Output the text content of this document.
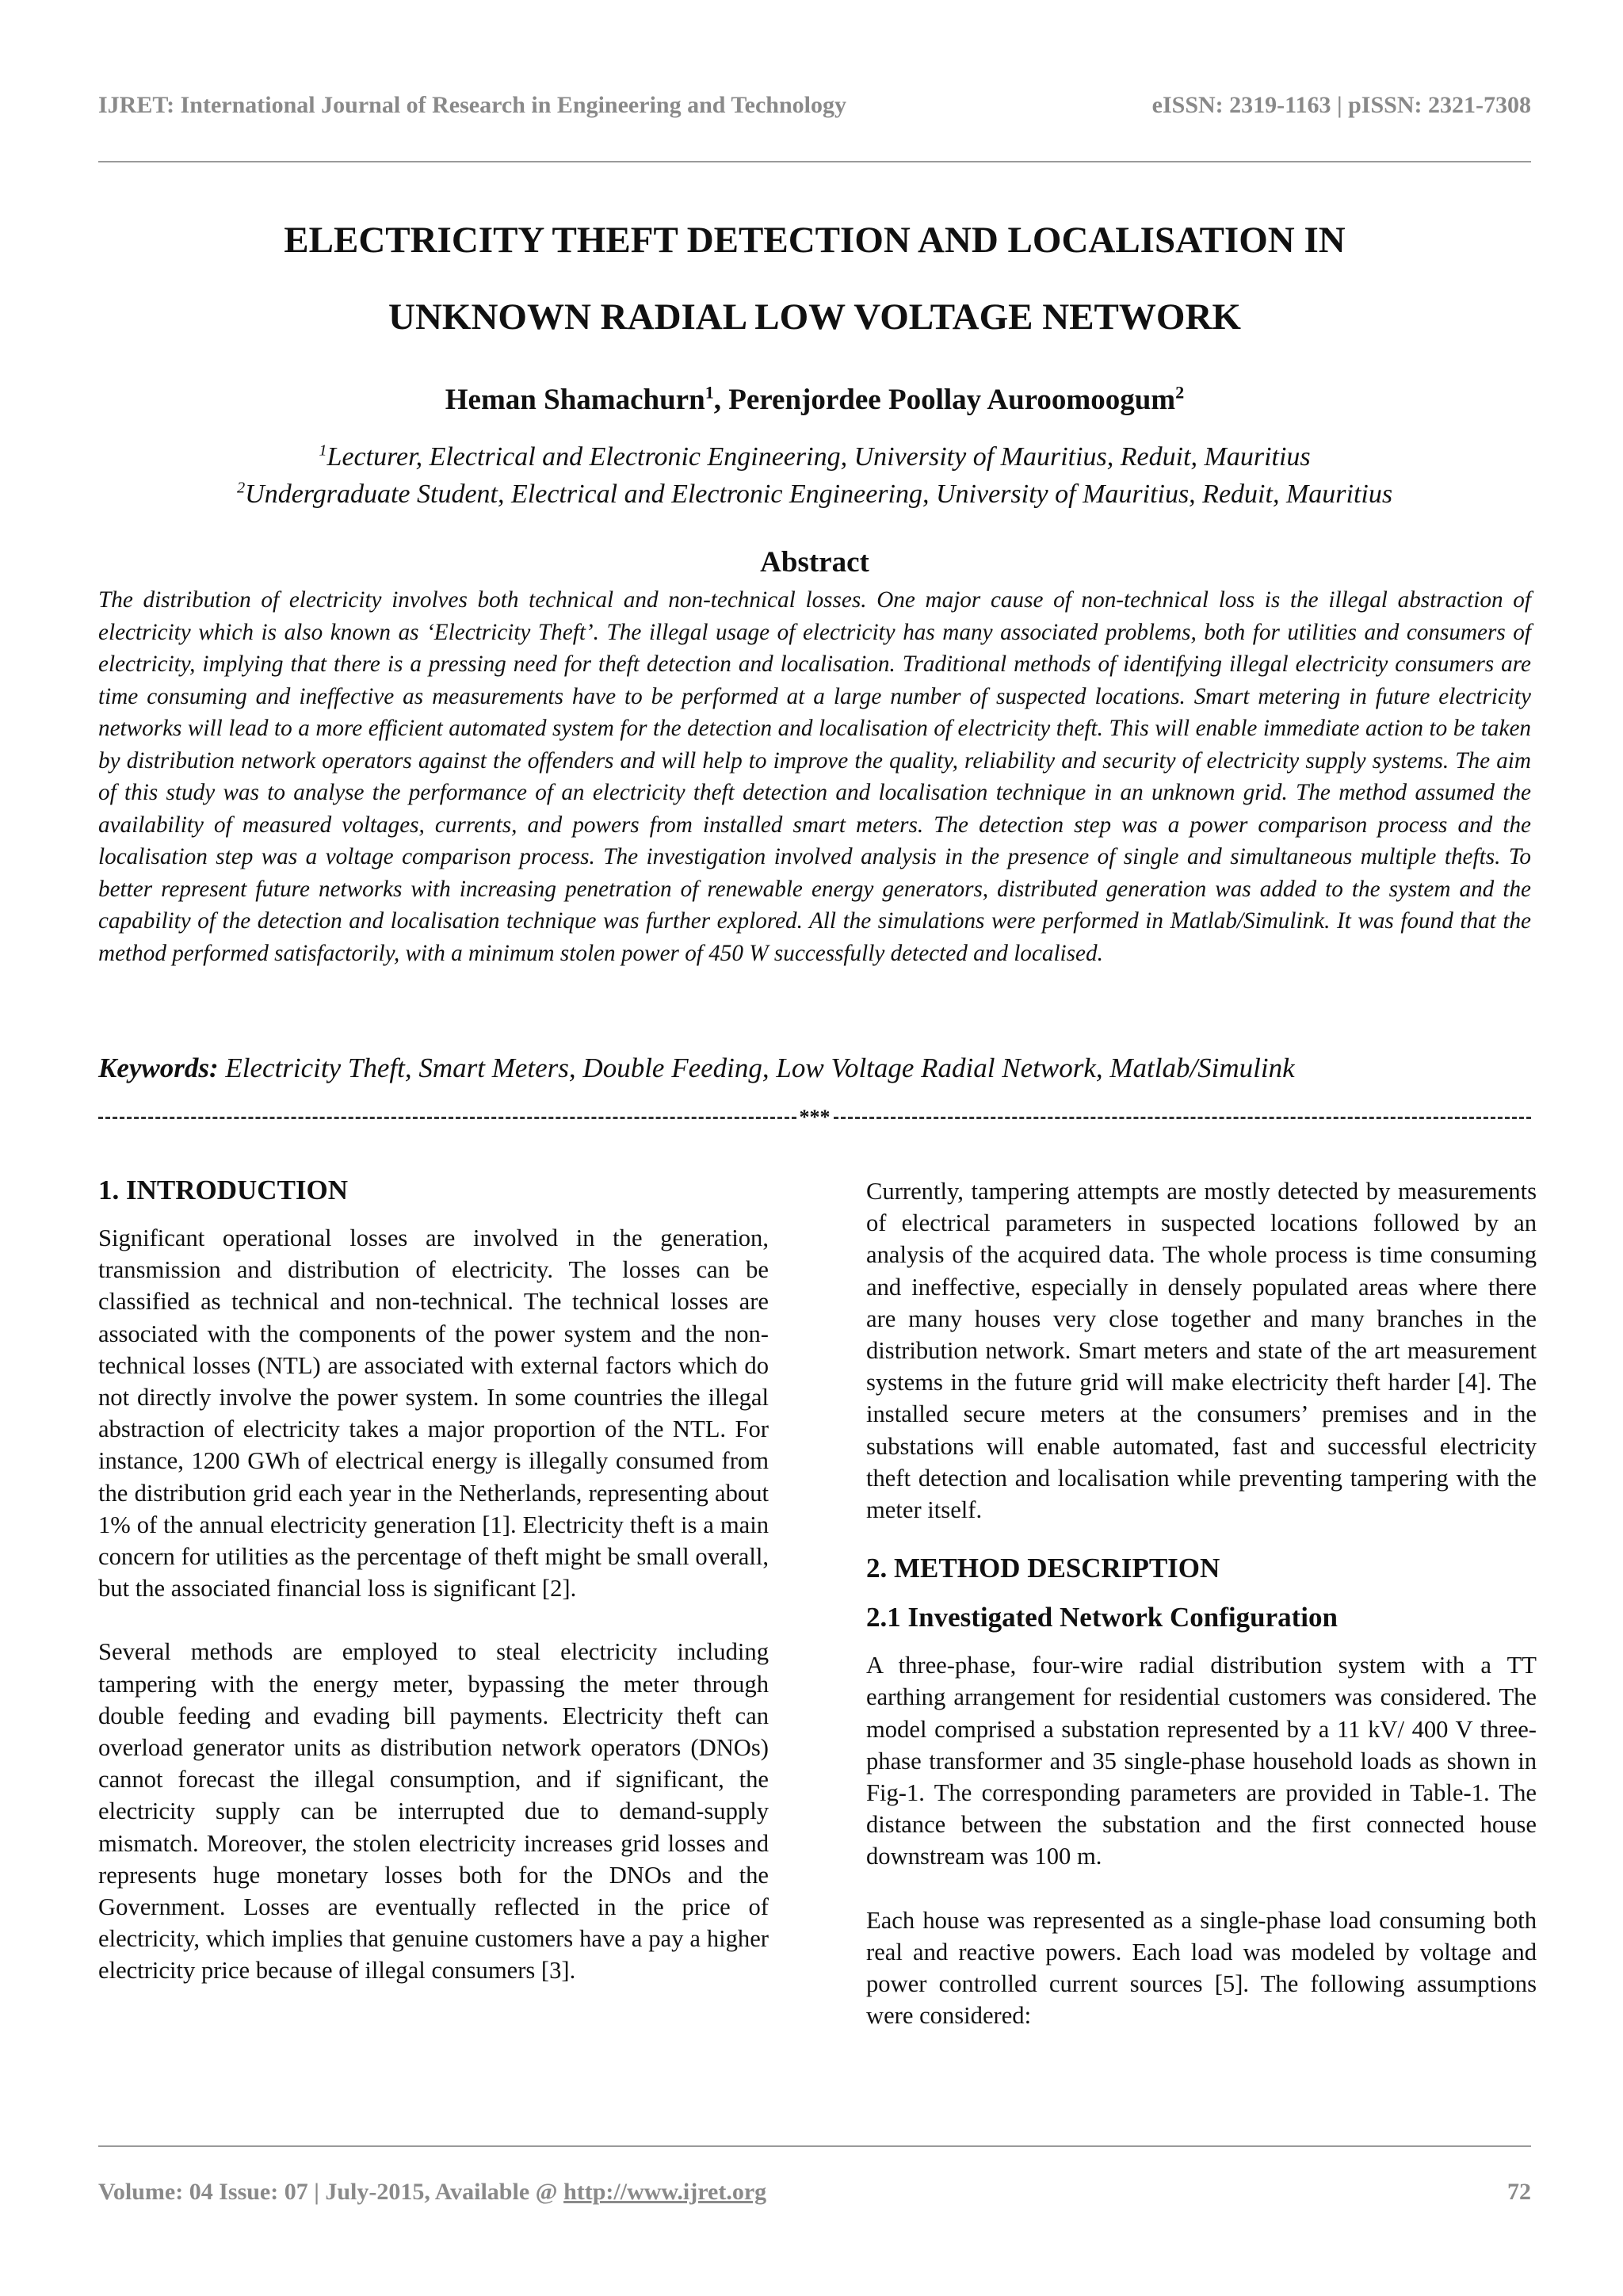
IJRET: International Journal of Research in Engineering and Technology	eISSN: 2319-1163 | pISSN: 2321-7308
ELECTRICITY THEFT DETECTION AND LOCALISATION IN
UNKNOWN RADIAL LOW VOLTAGE NETWORK
Heman Shamachurn$^1$, Perenjordee Poollay Auroomoogum$^2$
$^1$Lecturer, Electrical and Electronic Engineering, University of Mauritius, Reduit, Mauritius
$^2$Undergraduate Student, Electrical and Electronic Engineering, University of Mauritius, Reduit, Mauritius
Abstract
The distribution of electricity involves both technical and non-technical losses. One major cause of non-technical loss is the illegal abstraction of electricity which is also known as ‘Electricity Theft’. The illegal usage of electricity has many associated problems, both for utilities and consumers of electricity, implying that there is a pressing need for theft detection and localisation. Traditional methods of identifying illegal electricity consumers are time consuming and ineffective as measurements have to be performed at a large number of suspected locations. Smart metering in future electricity networks will lead to a more efficient automated system for the detection and localisation of electricity theft. This will enable immediate action to be taken by distribution network operators against the offenders and will help to improve the quality, reliability and security of electricity supply systems. The aim of this study was to analyse the performance of an electricity theft detection and localisation technique in an unknown grid. The method assumed the availability of measured voltages, currents, and powers from installed smart meters. The detection step was a power comparison process and the localisation step was a voltage comparison process. The investigation involved analysis in the presence of single and simultaneous multiple thefts. To better represent future networks with increasing penetration of renewable energy generators, distributed generation was added to the system and the capability of the detection and localisation technique was further explored. All the simulations were performed in Matlab/Simulink. It was found that the method performed satisfactorily, with a minimum stolen power of 450 W successfully detected and localised.
Keywords: Electricity Theft, Smart Meters, Double Feeding, Low Voltage Radial Network, Matlab/Simulink
***
1. INTRODUCTION

Significant operational losses are involved in the generation, transmission and distribution of electricity. The losses can be classified as technical and non-technical. The technical losses are associated with the components of the power system and the non-technical losses (NTL) are associated with external factors which do not directly involve the power system. In some countries the illegal abstraction of electricity takes a major proportion of the NTL. For instance, 1200 GWh of electrical energy is illegally consumed from the distribution grid each year in the Netherlands, representing about 1% of the annual electricity generation [1]. Electricity theft is a main concern for utilities as the percentage of theft might be small overall, but the associated financial loss is significant [2].

Several methods are employed to steal electricity including tampering with the energy meter, bypassing the meter through double feeding and evading bill payments. Electricity theft can overload generator units as distribution network operators (DNOs) cannot forecast the illegal consumption, and if significant, the electricity supply can be interrupted due to demand-supply mismatch. Moreover, the stolen electricity increases grid losses and represents huge monetary losses both for the DNOs and the Government. Losses are eventually reflected in the price of electricity, which implies that genuine customers have a pay a higher electricity price because of illegal consumers [3].

Currently, tampering attempts are mostly detected by measurements of electrical parameters in suspected locations followed by an analysis of the acquired data. The whole process is time consuming and ineffective, especially in densely populated areas where there are many houses very close together and many branches in the distribution network. Smart meters and state of the art measurement systems in the future grid will make electricity theft harder [4]. The installed secure meters at the consumers’ premises and in the substations will enable automated, fast and successful electricity theft detection and localisation while preventing tampering with the meter itself.

2. METHOD DESCRIPTION
2.1 Investigated Network Configuration

A three-phase, four-wire radial distribution system with a TT earthing arrangement for residential customers was considered. The model comprised a substation represented by a 11 kV/ 400 V three-phase transformer and 35 single-phase household loads as shown in Fig-1. The corresponding parameters are provided in Table-1. The distance between the substation and the first connected house downstream was 100 m.

Each house was represented as a single-phase load consuming both real and reactive powers. Each load was modeled by voltage and power controlled current sources [5]. The following assumptions were considered:

Volume: 04 Issue: 07 | July-2015, Available @ http://www.ijret.org	72
